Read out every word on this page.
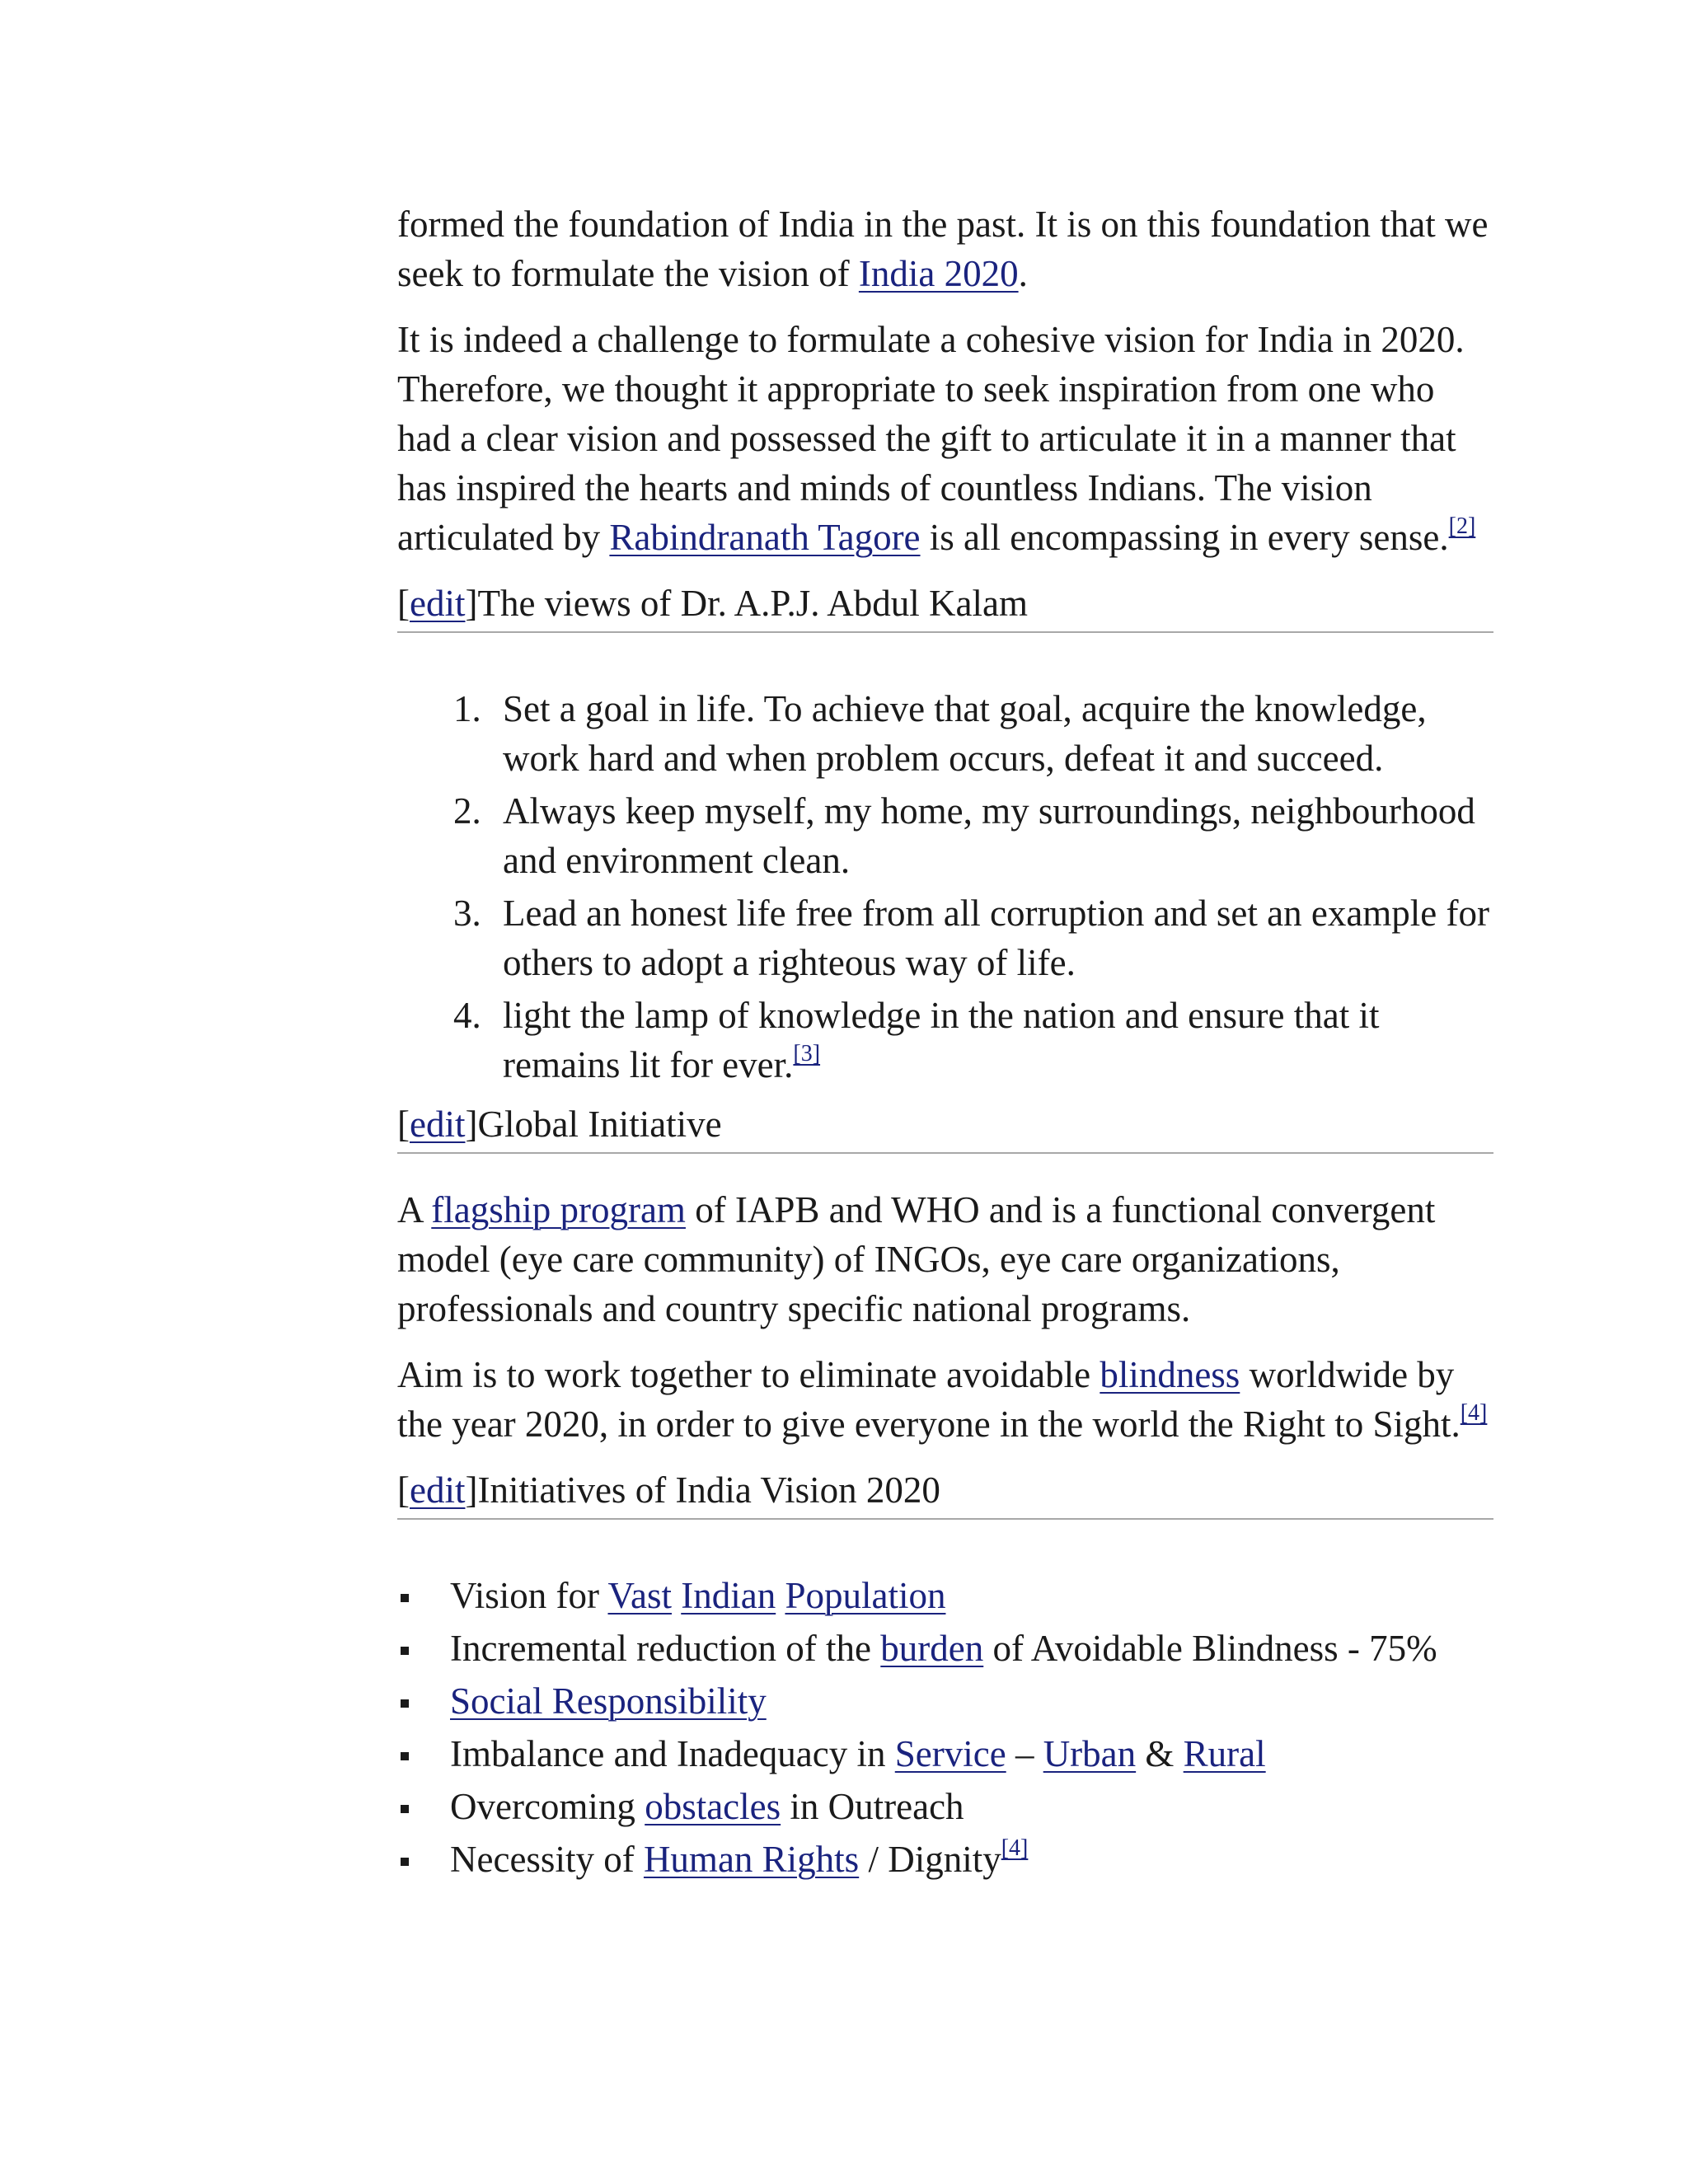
formed the foundation of India in the past. It is on this foundation that we seek to formulate the vision of India 2020.

It is indeed a challenge to formulate a cohesive vision for India in 2020. Therefore, we thought it appropriate to seek inspiration from one who had a clear vision and possessed the gift to articulate it in a manner that has inspired the hearts and minds of countless Indians. The vision articulated by Rabindranath Tagore is all encompassing in every sense.[2]

[edit]The views of Dr. A.P.J. Abdul Kalam
1. Set a goal in life. To achieve that goal, acquire the knowledge, work hard and when problem occurs, defeat it and succeed.
2. Always keep myself, my home, my surroundings, neighbourhood and environment clean.
3. Lead an honest life free from all corruption and set an example for others to adopt a righteous way of life.
4. light the lamp of knowledge in the nation and ensure that it remains lit for ever.[3]
[edit]Global Initiative

A flagship program of IAPB and WHO and is a functional convergent model (eye care community) of INGOs, eye care organizations, professionals and country specific national programs.

Aim is to work together to eliminate avoidable blindness worldwide by the year 2020, in order to give everyone in the world the Right to Sight.[4]

[edit]Initiatives of India Vision 2020
Vision for Vast Indian Population
Incremental reduction of the burden of Avoidable Blindness - 75%
Social Responsibility
Imbalance and Inadequacy in Service – Urban & Rural
Overcoming obstacles in Outreach
Necessity of Human Rights / Dignity[4]
